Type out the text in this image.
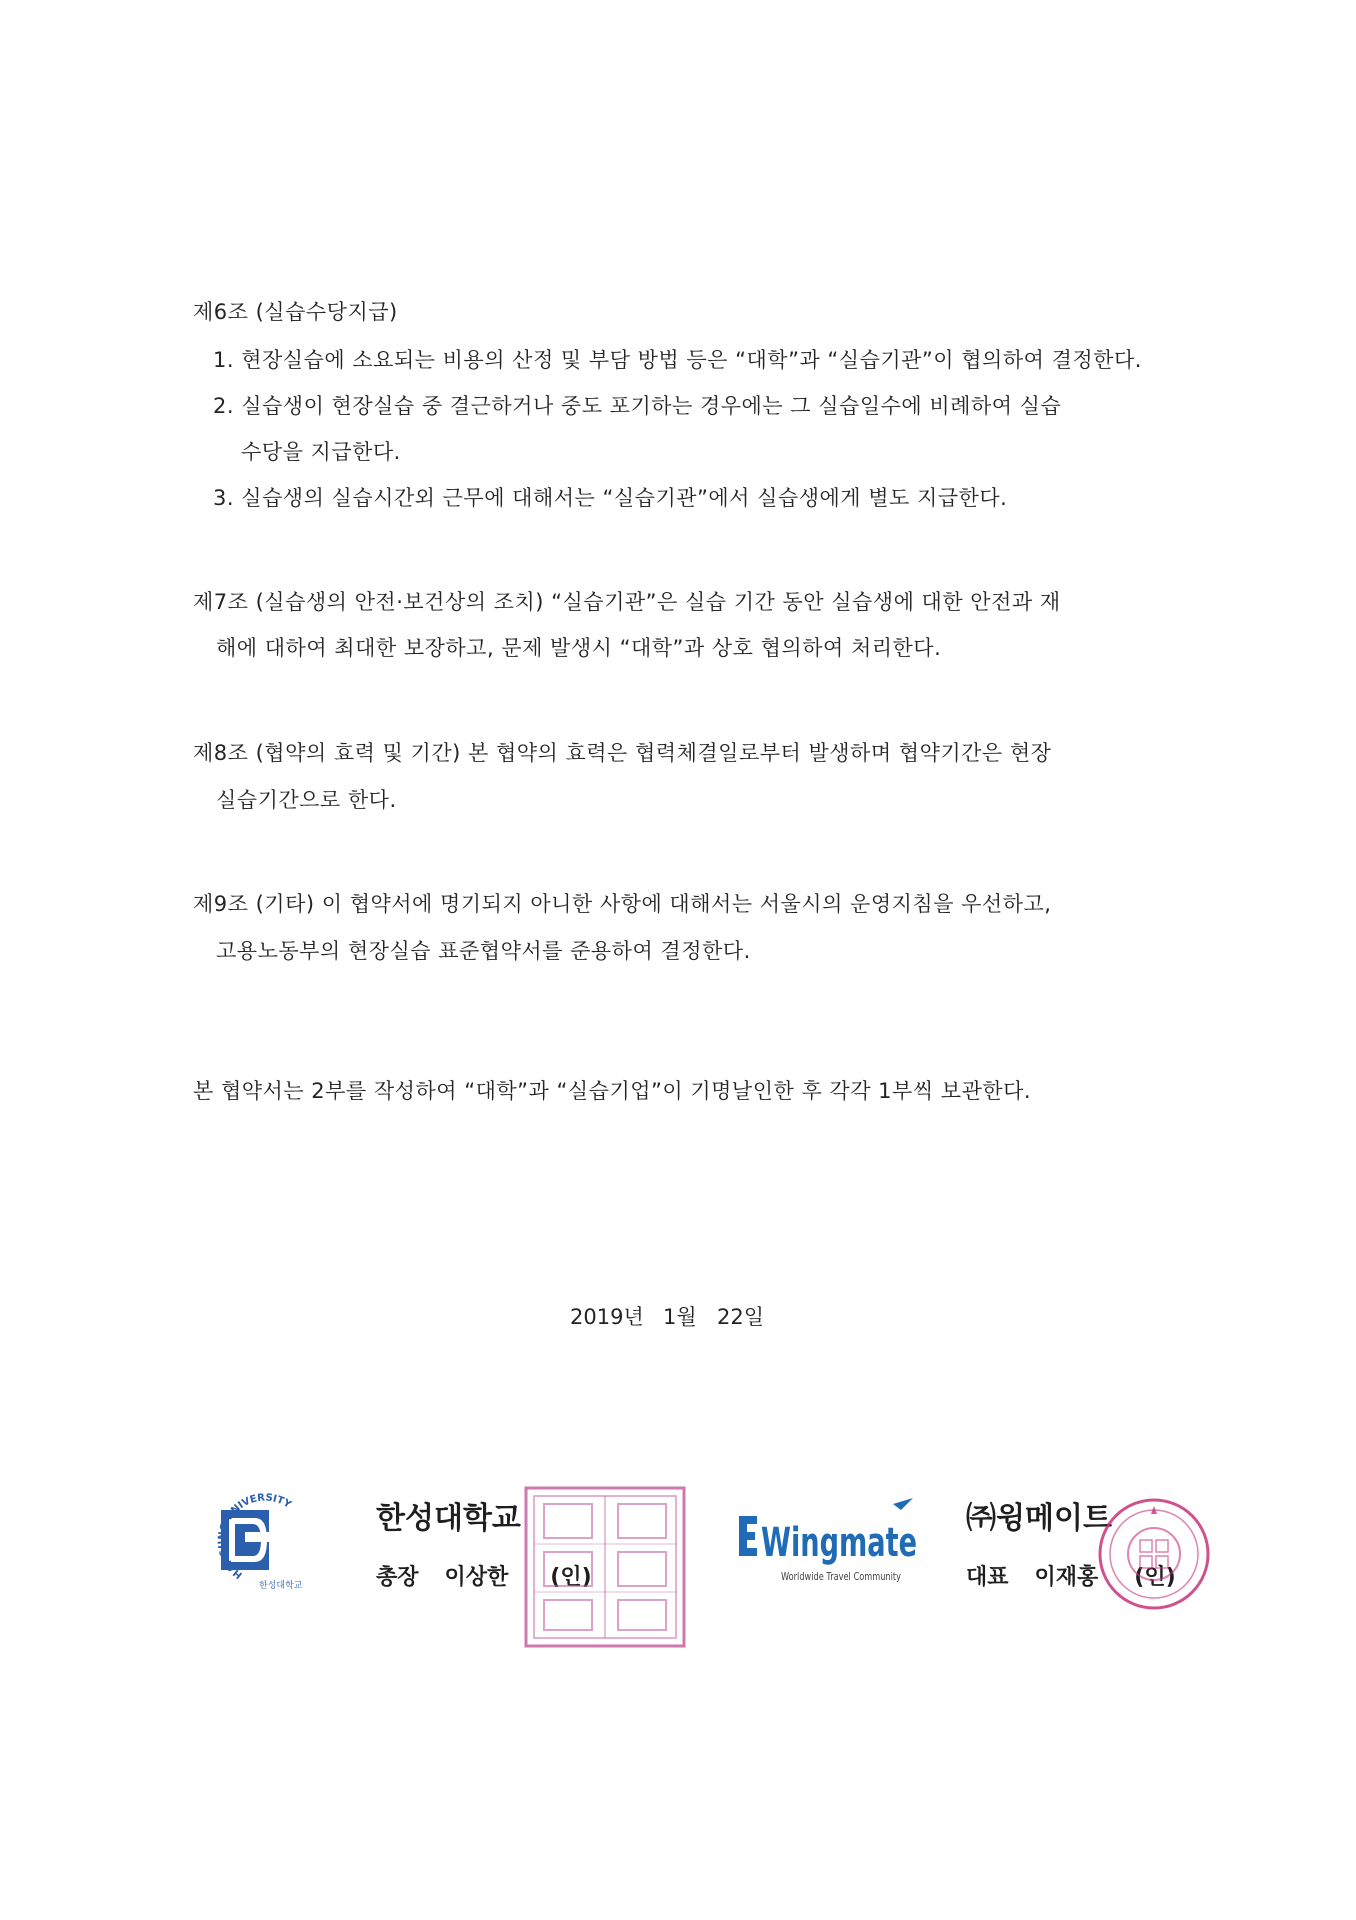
제6조 (실습수당지급)
1. 현장실습에 소요되는 비용의 산정 및 부담 방법 등은 “대학”과 “실습기관”이 협의하여 결정한다.
2. 실습생이 현장실습 중 결근하거나 중도 포기하는 경우에는 그 실습일수에 비례하여 실습
수당을 지급한다.
3. 실습생의 실습시간외 근무에 대해서는 “실습기관”에서 실습생에게 별도 지급한다.
제7조 (실습생의 안전·보건상의 조치) “실습기관”은 실습 기간 동안 실습생에 대한 안전과 재
해에 대하여 최대한 보장하고, 문제 발생시 “대학”과 상호 협의하여 처리한다.
제8조 (협약의 효력 및 기간) 본 협약의 효력은 협력체결일로부터 발생하며 협약기간은 현장
실습기간으로 한다.
제9조 (기타) 이 협약서에 명기되지 아니한 사항에 대해서는 서울시의 운영지침을 우선하고,
고용노동부의 현장실습 표준협약서를 준용하여 결정한다.
본 협약서는 2부를 작성하여 “대학”과 “실습기업”이 기명날인한 후 각각 1부씩 보관한다.
2019년 1월 22일
HANSUNG UNIVERSITY
한성대학교
한성대학교
총장 이상한 (인)
Wingmate
Worldwide Travel Community
㈜윙메이트
대표 이재홍 (인)
